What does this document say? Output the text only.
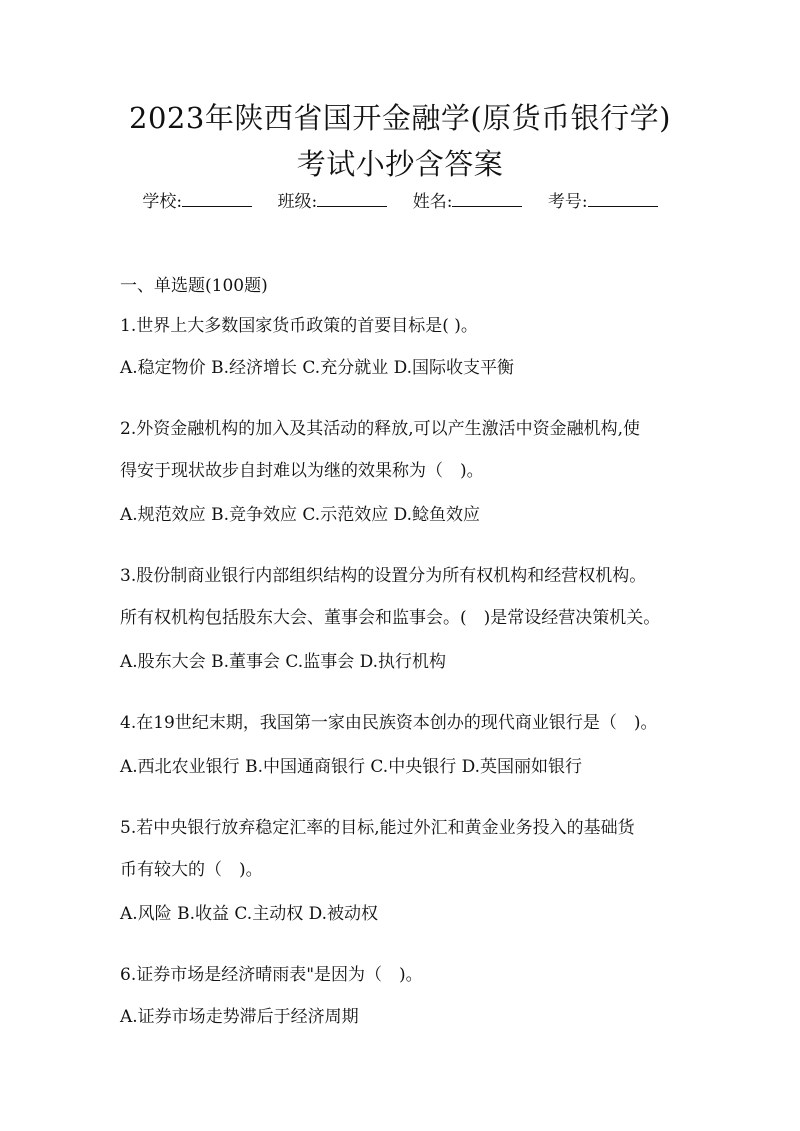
2023年陕西省国开金融学(原货币银行学)
考试小抄含答案
学校:	班级:	姓名:	考号:
一、单选题(100题)
1.世界上大多数国家货币政策的首要目标是( )。
A.稳定物价 B.经济增长 C.充分就业 D.国际收支平衡
2.外资金融机构的加入及其活动的释放,可以产生激活中资金融机构,使
得安于现状故步自封难以为继的效果称为（　)。
A.规范效应 B.竞争效应 C.示范效应 D.鲶鱼效应
3.股份制商业银行内部组织结构的设置分为所有权机构和经营权机构。
所有权机构包括股东大会、董事会和监事会。(　)是常设经营决策机关。
A.股东大会 B.董事会 C.监事会 D.执行机构
4.在19世纪末期，我国第一家由民族资本创办的现代商业银行是（　)。
A.西北农业银行 B.中国通商银行 C.中央银行 D.英国丽如银行
5.若中央银行放弃稳定汇率的目标,能过外汇和黄金业务投入的基础货
币有较大的（　)。
A.风险 B.收益 C.主动权 D.被动权
6.证券市场是经济晴雨表"是因为（　)。
A.证券市场走势滞后于经济周期
